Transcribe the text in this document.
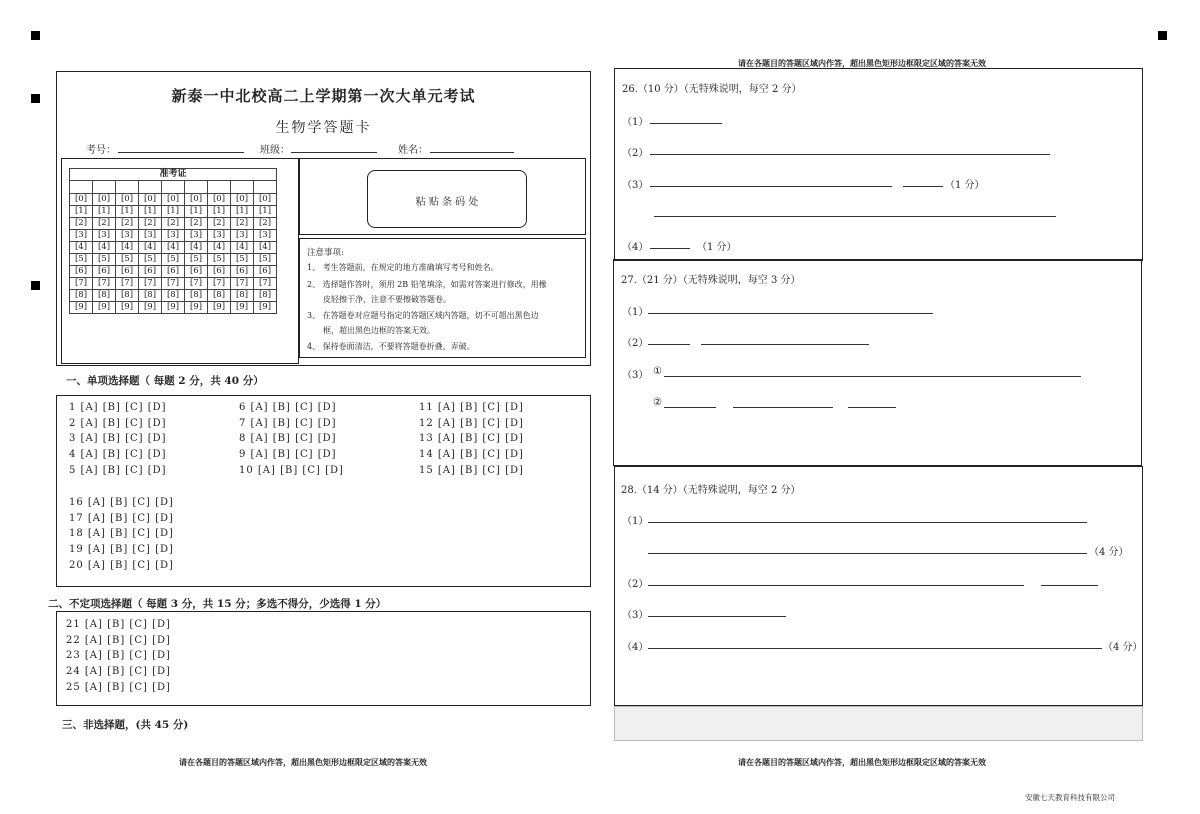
新泰一中北校高二上学期第一次大单元考试
生物学答题卡
考号：	班级：	姓名：
准考证								

[0]	[0]	[0]	[0]	[0]	[0]	[0]	[0]	[0]
[1]	[1]	[1]	[1]	[1]	[1]	[1]	[1]	[1]
[2]	[2]	[2]	[2]	[2]	[2]	[2]	[2]	[2]
[3]	[3]	[3]	[3]	[3]	[3]	[3]	[3]	[3]
[4]	[4]	[4]	[4]	[4]	[4]	[4]	[4]	[4]
[5]	[5]	[5]	[5]	[5]	[5]	[5]	[5]	[5]
[6]	[6]	[6]	[6]	[6]	[6]	[6]	[6]	[6]
[7]	[7]	[7]	[7]	[7]	[7]	[7]	[7]	[7]
[8]	[8]	[8]	[8]	[8]	[8]	[8]	[8]	[8]
[9]	[9]	[9]	[9]	[9]	[9]	[9]	[9]	[9]
粘 贴 条 码 处
注意事项:
1、 考生答题前，在规定的地方准确填写考号和姓名。
2、 选择题作答时，须用 2B 铅笔填涂，如需对答案进行修改，用橡
皮轻擦干净，注意不要擦破答题卷。
3、 在答题卷对应题号指定的答题区域内答题，切不可超出黑色边
框，超出黑色边框的答案无效。
4、 保持卷面清洁，不要将答题卷折叠，弄破。
一、单项选择题（ 每题 2 分，共 40 分）
1 [A] [B] [C] [D]
2 [A] [B] [C] [D]
3 [A] [B] [C] [D]
4 [A] [B] [C] [D]
5 [A] [B] [C] [D]
6 [A] [B] [C] [D]
7 [A] [B] [C] [D]
8 [A] [B] [C] [D]
9 [A] [B] [C] [D]
10 [A] [B] [C] [D]
11 [A] [B] [C] [D]
12 [A] [B] [C] [D]
13 [A] [B] [C] [D]
14 [A] [B] [C] [D]
15 [A] [B] [C] [D]
16 [A] [B] [C] [D]
17 [A] [B] [C] [D]
18 [A] [B] [C] [D]
19 [A] [B] [C] [D]
20 [A] [B] [C] [D]
二、不定项选择题（ 每题 3 分，共 15 分；多选不得分，少选得 1 分）
21 [A] [B] [C] [D]
22 [A] [B] [C] [D]
23 [A] [B] [C] [D]
24 [A] [B] [C] [D]
25 [A] [B] [C] [D]
三、非选择题，(共 45 分)
请在各题目的答题区域内作答，超出黑色矩形边框限定区域的答案无效
请在各题目的答题区域内作答，超出黑色矩形边框限定区域的答案无效
26.（10 分）（无特殊说明，每空 2 分）
（1）
（2）
（3）	（1 分）
（4）	（1 分）
27.（21 分）（无特殊说明，每空 3 分）
（1）
（2）
（3） ①
②
28.（14 分）（无特殊说明，每空 2 分）
（1）
（4 分）
（2）
（3）
（4）	（4 分）
请在各题目的答题区域内作答，超出黑色矩形边框限定区域的答案无效
安徽七天教育科技有限公司
